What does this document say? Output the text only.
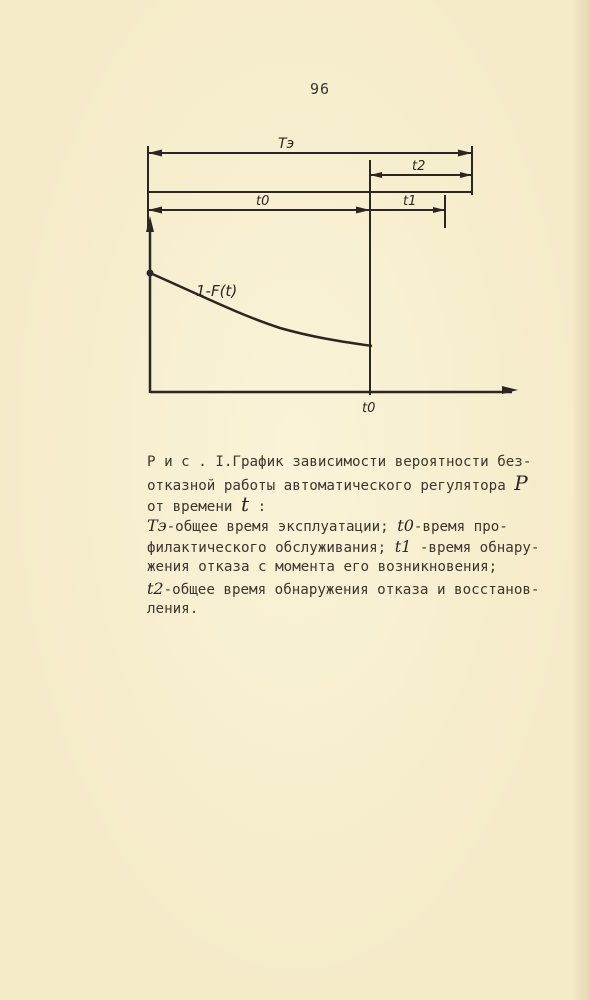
96
Tэ
t2
t0	t1
1-F(t)
t0
Р и с . I.График зависимости вероятности без-
отказной работы автоматического регулятора P
от времени t :
Tэ-общее время эксплуатации; t0-время про-
филактического обслуживания; t1 -время обнару-
жения отказа с момента его возникновения;
t2-общее время обнаружения отказа и восстанов-
ления.
